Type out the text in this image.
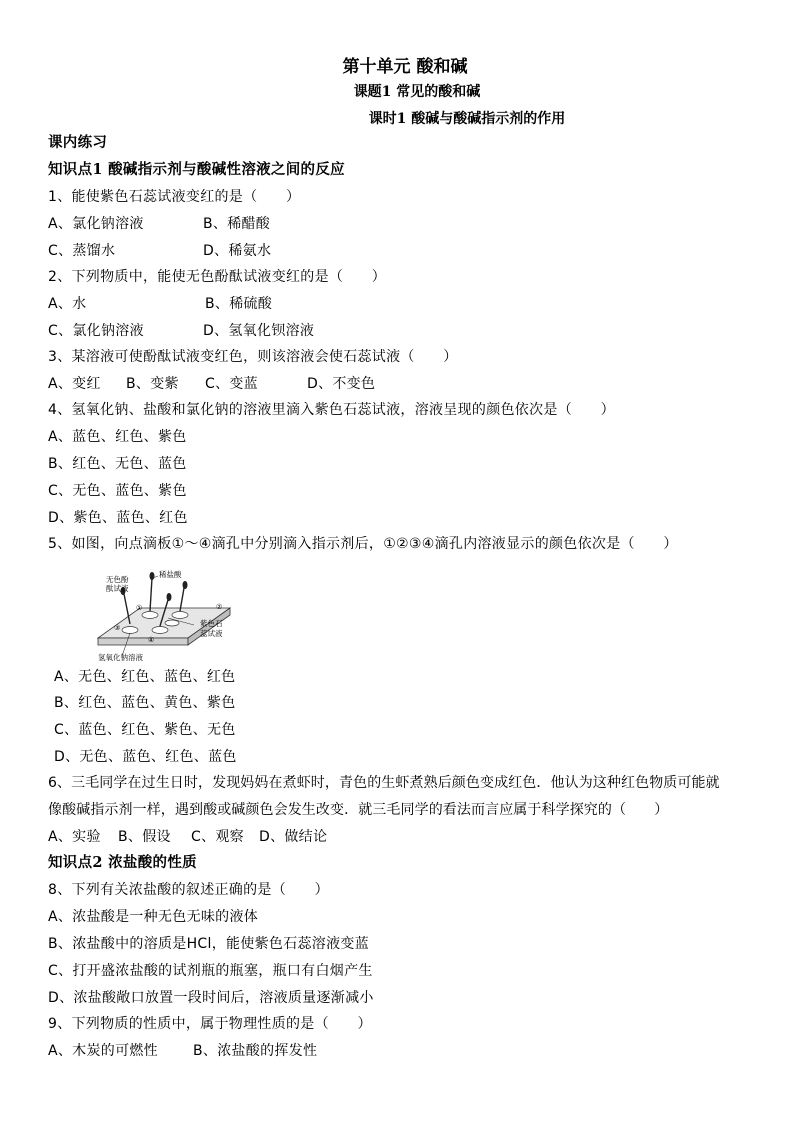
第十单元 酸和碱
课题1 常见的酸和碱
课时1 酸碱与酸碱指示剂的作用
课内练习
知识点1 酸碱指示剂与酸碱性溶液之间的反应
1、能使紫色石蕊试液变红的是（　　）
A、氯化钠溶液	B、稀醋酸
C、蒸馏水	D、稀氨水
2、下列物质中，能使无色酚酞试液变红的是（　　）
A、水	B、稀硫酸
C、氯化钠溶液	D、氢氧化钡溶液
3、某溶液可使酚酞试液变红色，则该溶液会使石蕊试液（　　）
A、变红 B、变紫 C、变蓝	D、不变色
4、氢氧化钠、盐酸和氯化钠的溶液里滴入紫色石蕊试液，溶液呈现的颜色依次是（　　）
A、蓝色、红色、紫色
B、红色、无色、蓝色
C、无色、蓝色、紫色
D、紫色、蓝色、红色
5、如图，向点滴板①～④滴孔中分别滴入指示剂后，①②③④滴孔内溶液显示的颜色依次是（　　）
无色酚
酞试液
稀盐酸
紫色石
蕊试液
氢氧化钠溶液
①	②
③
④
A、无色、红色、蓝色、红色
B、红色、蓝色、黄色、紫色
C、蓝色、红色、紫色、无色
D、无色、蓝色、红色、蓝色
6、三毛同学在过生日时，发现妈妈在煮虾时，青色的生虾煮熟后颜色变成红色．他认为这种红色物质可能就
像酸碱指示剂一样，遇到酸或碱颜色会发生改变．就三毛同学的看法而言应属于科学探究的（　　）
A、实验 B、假设 C、观察 D、做结论
知识点2 浓盐酸的性质
8、下列有关浓盐酸的叙述正确的是（　　）
A、浓盐酸是一种无色无味的液体
B、浓盐酸中的溶质是HCl，能使紫色石蕊溶液变蓝
C、打开盛浓盐酸的试剂瓶的瓶塞，瓶口有白烟产生
D、浓盐酸敞口放置一段时间后，溶液质量逐渐减小
9、下列物质的性质中，属于物理性质的是（　　）
A、木炭的可燃性	B、浓盐酸的挥发性
